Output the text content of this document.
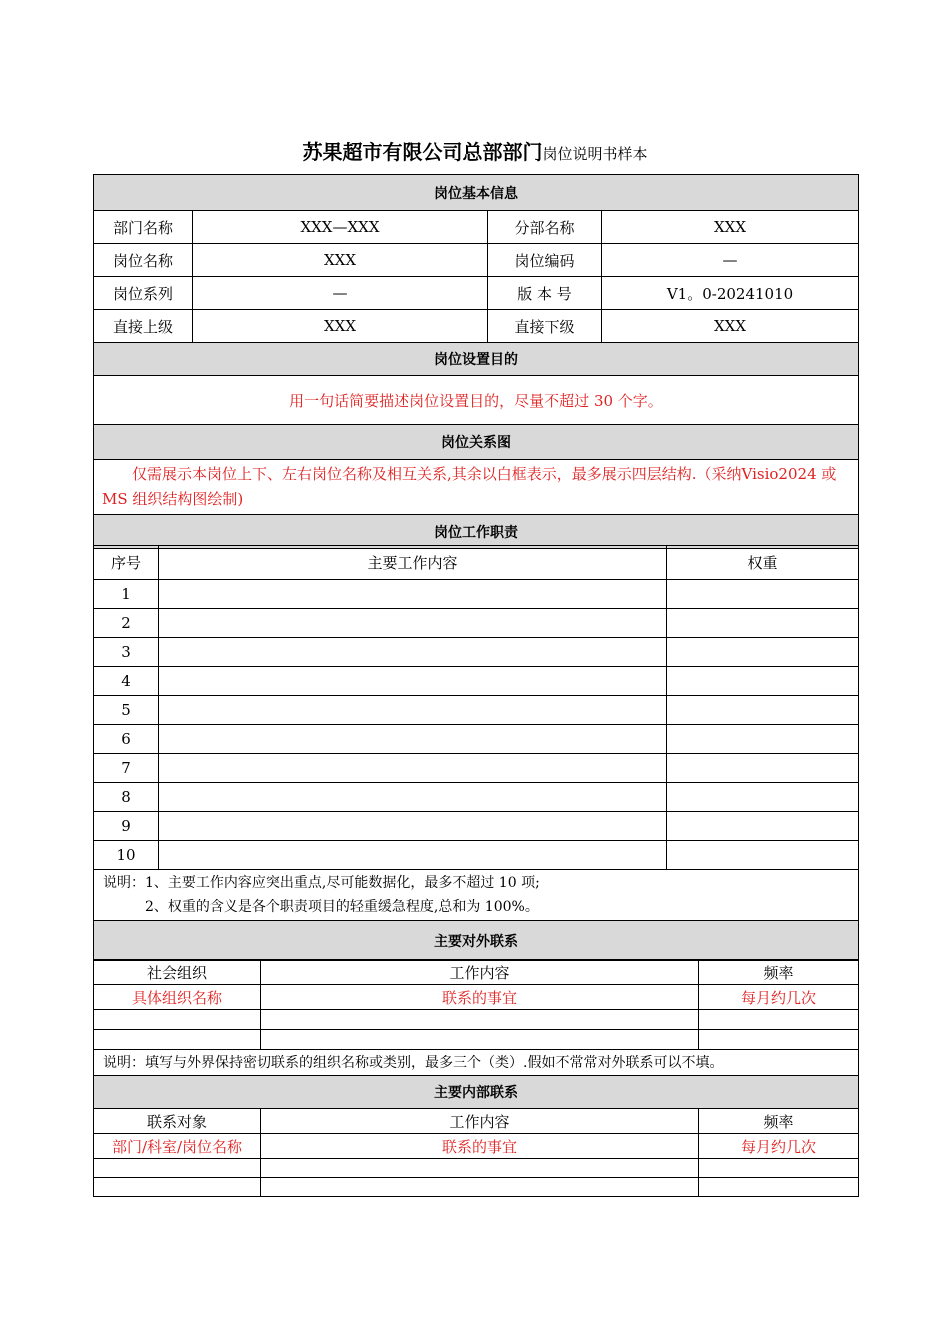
苏果超市有限公司总部部门岗位说明书样本
岗位基本信息			
部门名称	XXX—XXX	分部名称	XXX
岗位名称	XXX	岗位编码	—
岗位系列	—	版 本 号	V1。0-20241010
直接上级	XXX	直接下级	XXX
岗位设置目的			
用一句话简要描述岗位设置目的，尽量不超过 30 个字。			
岗位关系图			
　　仅需展示本岗位上下、左右岗位名称及相互关系,其余以白框表示，最多展示四层结构.（采纳Visio2024 或 MS 组织结构图绘制)			
岗位工作职责			
序号	主要工作内容	权重
1		
2		
3		
4		
5		
6		
7		
8		
9		
10		

说明：1、主要工作内容应突出重点,尽可能数据化，最多不超过 10 项;
　　　2、权重的含义是各个职责项目的轻重缓急程度,总和为 100%。		

主要对外联系		
社会组织	工作内容	频率
具体组织名称	联系的事宜	每月约几次

说明：填写与外界保持密切联系的组织名称或类别，最多三个（类）.假如不常常对外联系可以不填。		
主要内部联系		
联系对象	工作内容	频率
部门/科室/岗位名称	联系的事宜	每月约几次
